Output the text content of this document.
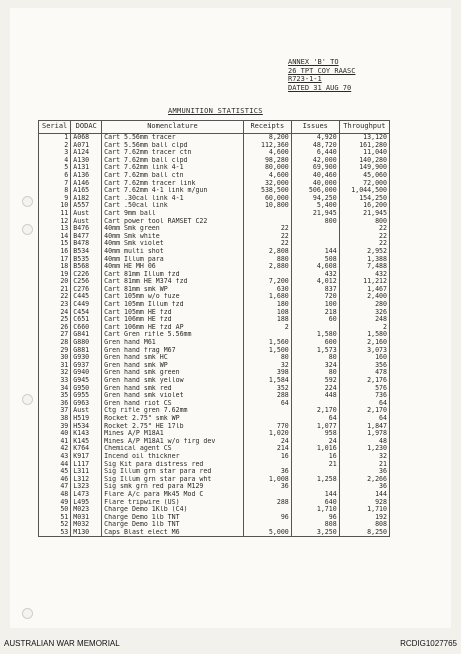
ANNEX 'B' TO
26 TPT COY RAASC
R723-1-1
DATED 31 AUG 70
AMMUNITION STATISTICS
Serial	DODAC	Nomenclature	Receipts	Issues	Throughput
1	A068	Cart 5.56mm tracer	8,200	4,920	13,120
2	A071	Cart 5.56mm ball clpd	112,360	48,720	161,280
3	A124	Cart 7.62mm tracer ctn	4,600	6,440	11,040
4	A130	Cart 7.62mm ball clpd	98,280	42,000	140,280
5	A131	Cart 7.62mm link 4-1	80,000	69,900	149,900
6	A136	Cart 7.62mm ball ctn	4,600	40,460	45,060
7	A146	Cart 7.62mm tracer link	32,000	40,000	72,000
8	A165	Cart 7.62mm 4-1 link m/gun	538,500	506,000	1,044,500
9	A182	Cart .30cal link 4-1	60,000	94,250	154,250
10	A557	Cart .50cal link	10,800	5,400	16,200
11	Aust	Cart 9mm ball		21,945	21,945
12	Aust	Cart power tool RAMSET C22		800	800
13	B476	40mm Smk green	22		22
14	B477	40mm Smk white	22		22
15	B478	40mm Smk violet	22		22
16	B534	40mm multi shot	2,808	144	2,952
17	B535	40mm Illum para	880	508	1,388
18	B568	40mm HE MH 06	2,880	4,608	7,488
19	C226	Cart 81mm Illum fzd		432	432
20	C256	Cart 81mm HE M374 fzd	7,200	4,012	11,212
21	C276	Cart 81mm smk WP	630	837	1,467
22	C445	Cart 105mm w/o fuze	1,680	720	2,400
23	C449	Cart 105mm Illum fzd	180	100	280
24	C454	Cart 105mm HE fzd	108	218	326
25	C651	Cart 106mm HE fzd	188	60	248
26	C660	Cart 106mm HE fzd AP	2		2
27	G841	Cart Gren rifle 5.56mm		1,580	1,580
28	G880	Gren hand M61	1,560	600	2,160
29	G881	Gren hand frag M67	1,500	1,573	3,073
30	G930	Gren hand smk HC	80	80	160
31	G937	Gren hand smk WP	32	324	356
32	G940	Gren hand smk green	398	80	478
33	G945	Gren hand smk yellow	1,584	592	2,176
34	G950	Gren hand smk red	352	224	576
35	G955	Gren hand smk violet	288	448	736
36	G963	Gren hand riot CS	64		64
37	Aust	Ctg rifle gren 7.62mm		2,170	2,170
38	H519	Rocket 2.75" smk WP		64	64
39	H534	Rocket 2.75" HE 17lb	770	1,077	1,847
40	K143	Mines A/P M18A1	1,020	958	1,978
41	K145	Mines A/P M18A1 w/o firg dev	24	24	48
42	K764	Chemical agent CS	214	1,016	1,230
43	K917	Incend oil thickner	16	16	32
44	L117	Sig Kit para distress red		21	21
45	L311	Sig Illum grn star para red	36		36
46	L312	Sig Illum grn star para wht	1,008	1,258	2,266
47	L323	Sig smk grn red para M129	36		36
48	L473	Flare A/c para Mk45 Mod C		144	144
49	L495	Flare tripwire (US)	288	640	928
50	M023	Charge Demo 1Klb (C4)		1,710	1,710
51	M031	Charge Demo 1lb TNT	96	96	192
52	M032	Charge Demo 1lb TNT		808	808
53	M130	Caps Blast elect M6	5,000	3,250	8,250
AUSTRALIAN WAR MEMORIAL	RCDIG1027765
